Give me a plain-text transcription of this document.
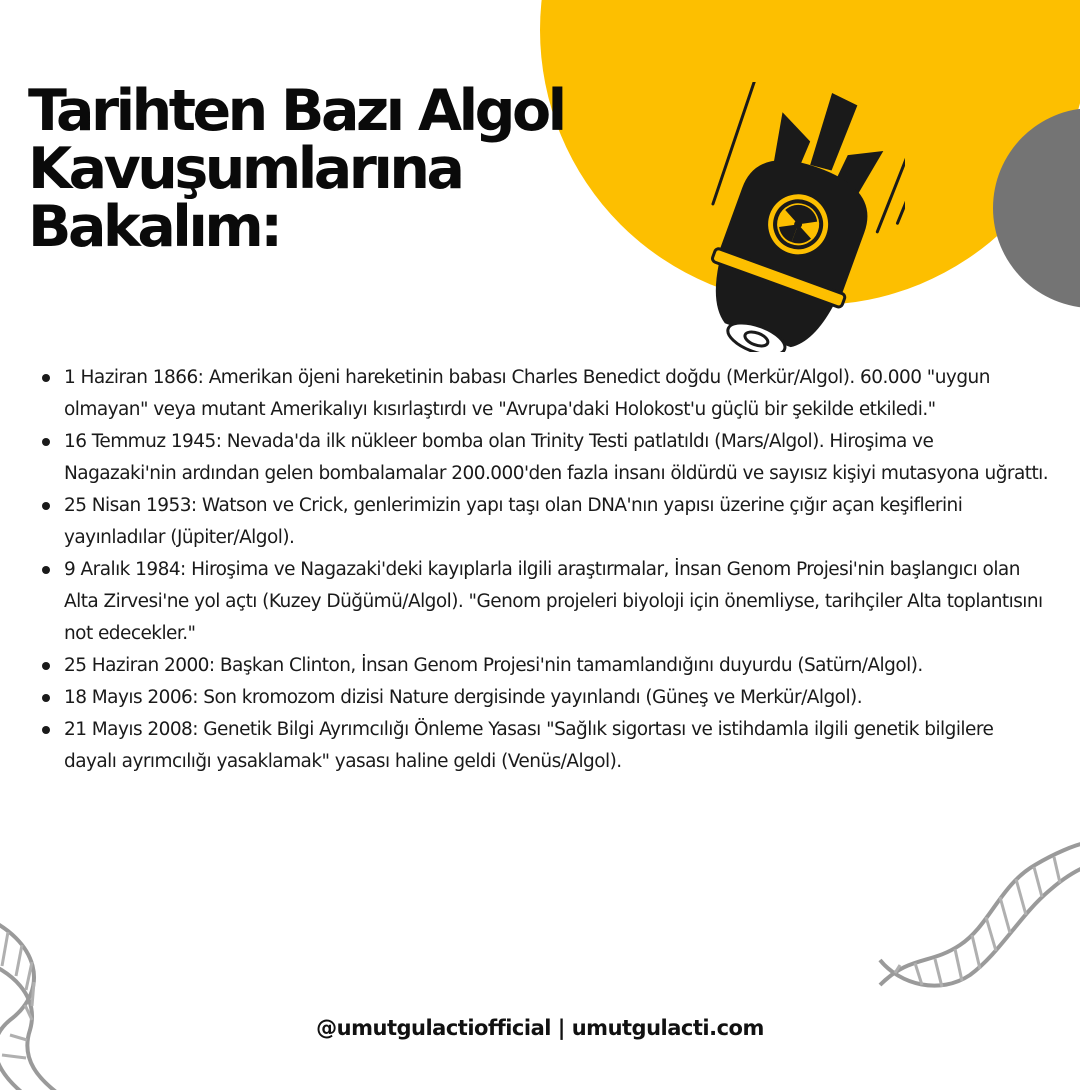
Tarihten Bazı Algol
Kavuşumlarına
Bakalım:
1 Haziran 1866: Amerikan öjeni hareketinin babası Charles Benedict doğdu (Merkür/Algol). 60.000 "uygun olmayan" veya mutant Amerikalıyı kısırlaştırdı ve "Avrupa'daki Holokost'u güçlü bir şekilde etkiledi."
16 Temmuz 1945: Nevada'da ilk nükleer bomba olan Trinity Testi patlatıldı (Mars/Algol). Hiroşima ve Nagazaki'nin ardından gelen bombalamalar 200.000'den fazla insanı öldürdü ve sayısız kişiyi mutasyona uğrattı.
25 Nisan 1953: Watson ve Crick, genlerimizin yapı taşı olan DNA'nın yapısı üzerine çığır açan keşiflerini yayınladılar (Jüpiter/Algol).
9 Aralık 1984: Hiroşima ve Nagazaki'deki kayıplarla ilgili araştırmalar, İnsan Genom Projesi'nin başlangıcı olan Alta Zirvesi'ne yol açtı (Kuzey Düğümü/Algol). "Genom projeleri biyoloji için önemliyse, tarihçiler Alta toplantısını not edecekler."
25 Haziran 2000: Başkan Clinton, İnsan Genom Projesi'nin tamamlandığını duyurdu (Satürn/Algol).
18 Mayıs 2006: Son kromozom dizisi Nature dergisinde yayınlandı (Güneş ve Merkür/Algol).
21 Mayıs 2008: Genetik Bilgi Ayrımcılığı Önleme Yasası "Sağlık sigortası ve istihdamla ilgili genetik bilgilere dayalı ayrımcılığı yasaklamak" yasası haline geldi (Venüs/Algol).
@umutgulactiofficial | umutgulacti.com
